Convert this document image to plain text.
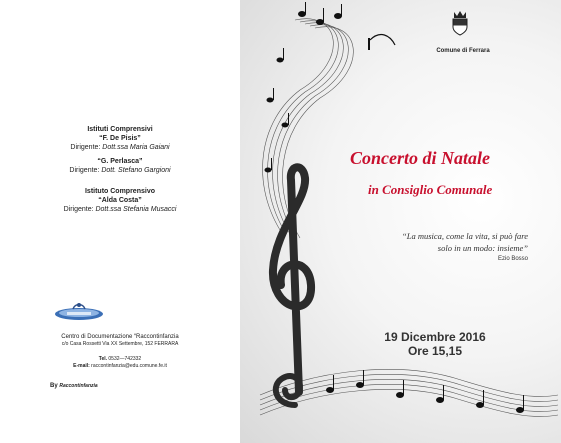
Istituti Comprensivi
“F. De Pisis”
Dirigente: Dott.ssa Maria Gaiani
“G. Perlasca”
Dirigente: Dott. Stefano Gargioni
Istituto Comprensivo
“Alda Costa”
Dirigente: Dott.ssa Stefania Musacci
Centro di Documentazione “Raccontinfanzia
c/o Casa Rossetti Via XX Settembre, 152 FERRARA
Tel. 0532—742332
E-mail: raccontinfanzia@edu.comune.fe.it
By Raccontinfanzia
Comune di Ferrara
Concerto di Natale
in Consiglio Comunale
“La musica, come la vita, si può fare
solo in un modo: insieme”
Ezio Bosso
19 Dicembre 2016
Ore 15,15
